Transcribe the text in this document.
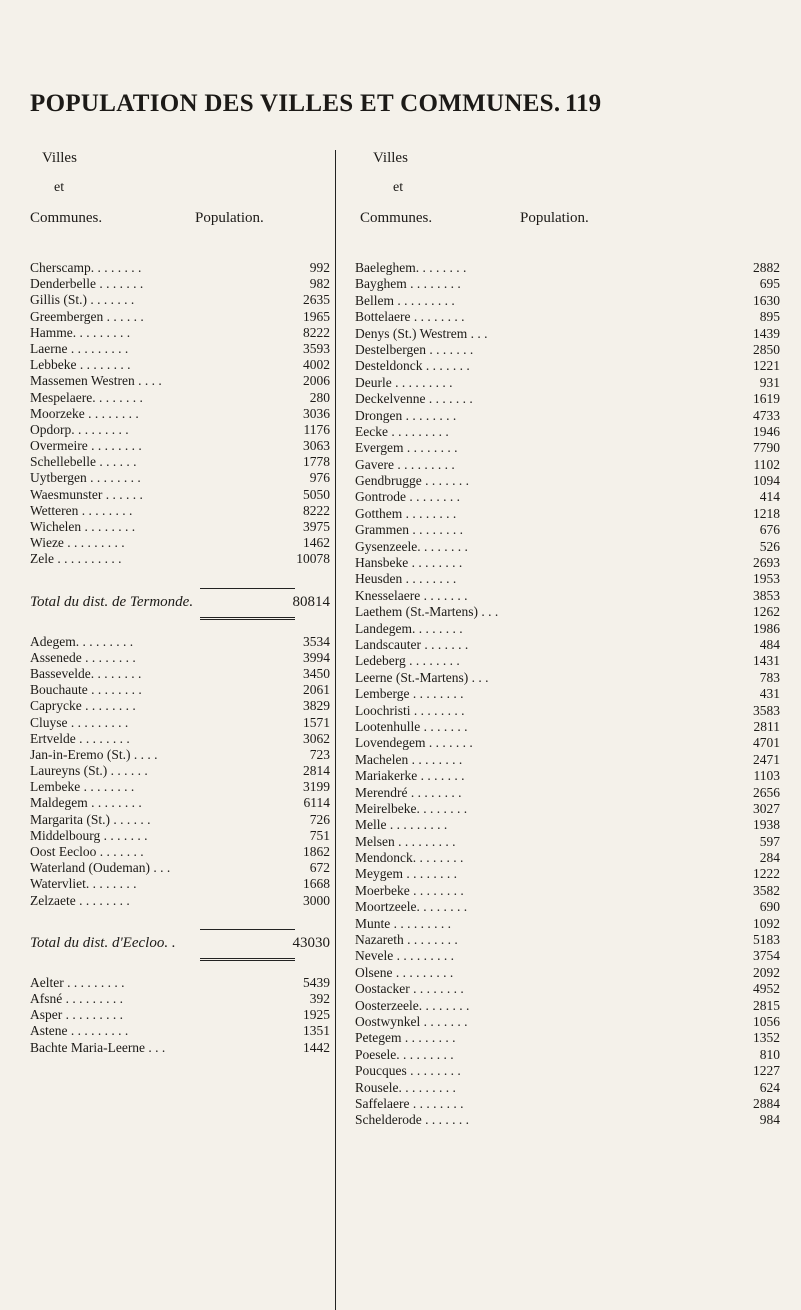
POPULATION DES VILLES ET COMMUNES. 119
Villes
et
Communes.	Population.
Cherscamp. . . . . . . .	992
Denderbelle . . . . . . .	982
Gillis (St.) . . . . . . .	2635
Greembergen . . . . . .	1965
Hamme. . . . . . . . .	8222
Laerne . . . . . . . . .	3593
Lebbeke . . . . . . . .	4002
Massemen Westren . . . .	2006
Mespelaere. . . . . . . .	280
Moorzeke . . . . . . . .	3036
Opdorp. . . . . . . . .	1176
Overmeire . . . . . . . .	3063
Schellebelle . . . . . .	1778
Uytbergen . . . . . . . .	976
Waesmunster . . . . . .	5050
Wetteren . . . . . . . .	8222
Wichelen . . . . . . . .	3975
Wieze . . . . . . . . .	1462
Zele . . . . . . . . . .	10078
Total du dist. de Termonde.	80814
Adegem. . . . . . . . .	3534
Assenede . . . . . . . .	3994
Bassevelde. . . . . . . .	3450
Bouchaute . . . . . . . .	2061
Caprycke . . . . . . . .	3829
Cluyse . . . . . . . . .	1571
Ertvelde . . . . . . . .	3062
Jan-in-Eremo (St.) . . . .	723
Laureyns (St.) . . . . . .	2814
Lembeke . . . . . . . .	3199
Maldegem . . . . . . . .	6114
Margarita (St.) . . . . . .	726
Middelbourg . . . . . . .	751
Oost Eecloo . . . . . . .	1862
Waterland (Oudeman) . . .	672
Watervliet. . . . . . . .	1668
Zelzaete . . . . . . . .	3000
Total du dist. d'Eecloo. .	43030
Aelter . . . . . . . . .	5439
Afsné . . . . . . . . .	392
Asper . . . . . . . . .	1925
Astene . . . . . . . . .	1351
Bachte Maria-Leerne . . .	1442
Villes
et
Communes.	Population.
Baeleghem. . . . . . . .	2882
Bayghem . . . . . . . .	695
Bellem . . . . . . . . .	1630
Bottelaere . . . . . . . .	895
Denys (St.) Westrem . . .	1439
Destelbergen . . . . . . .	2850
Desteldonck . . . . . . .	1221
Deurle . . . . . . . . .	931
Deckelvenne . . . . . . .	1619
Drongen . . . . . . . .	4733
Eecke . . . . . . . . .	1946
Evergem . . . . . . . .	7790
Gavere . . . . . . . . .	1102
Gendbrugge . . . . . . .	1094
Gontrode . . . . . . . .	414
Gotthem . . . . . . . .	1218
Grammen . . . . . . . .	676
Gysenzeele. . . . . . . .	526
Hansbeke . . . . . . . .	2693
Heusden . . . . . . . .	1953
Knesselaere . . . . . . .	3853
Laethem (St.-Martens) . . .	1262
Landegem. . . . . . . .	1986
Landscauter . . . . . . .	484
Ledeberg . . . . . . . .	1431
Leerne (St.-Martens) . . .	783
Lemberge . . . . . . . .	431
Loochristi . . . . . . . .	3583
Lootenhulle . . . . . . .	2811
Lovendegem . . . . . . .	4701
Machelen . . . . . . . .	2471
Mariakerke . . . . . . .	1103
Merendré . . . . . . . .	2656
Meirelbeke. . . . . . . .	3027
Melle . . . . . . . . .	1938
Melsen . . . . . . . . .	597
Mendonck. . . . . . . .	284
Meygem . . . . . . . .	1222
Moerbeke . . . . . . . .	3582
Moortzeele. . . . . . . .	690
Munte . . . . . . . . .	1092
Nazareth . . . . . . . .	5183
Nevele . . . . . . . . .	3754
Olsene . . . . . . . . .	2092
Oostacker . . . . . . . .	4952
Oosterzeele. . . . . . . .	2815
Oostwynkel . . . . . . .	1056
Petegem . . . . . . . .	1352
Poesele. . . . . . . . .	810
Poucques . . . . . . . .	1227
Rousele. . . . . . . . .	624
Saffelaere . . . . . . . .	2884
Schelderode . . . . . . .	984
